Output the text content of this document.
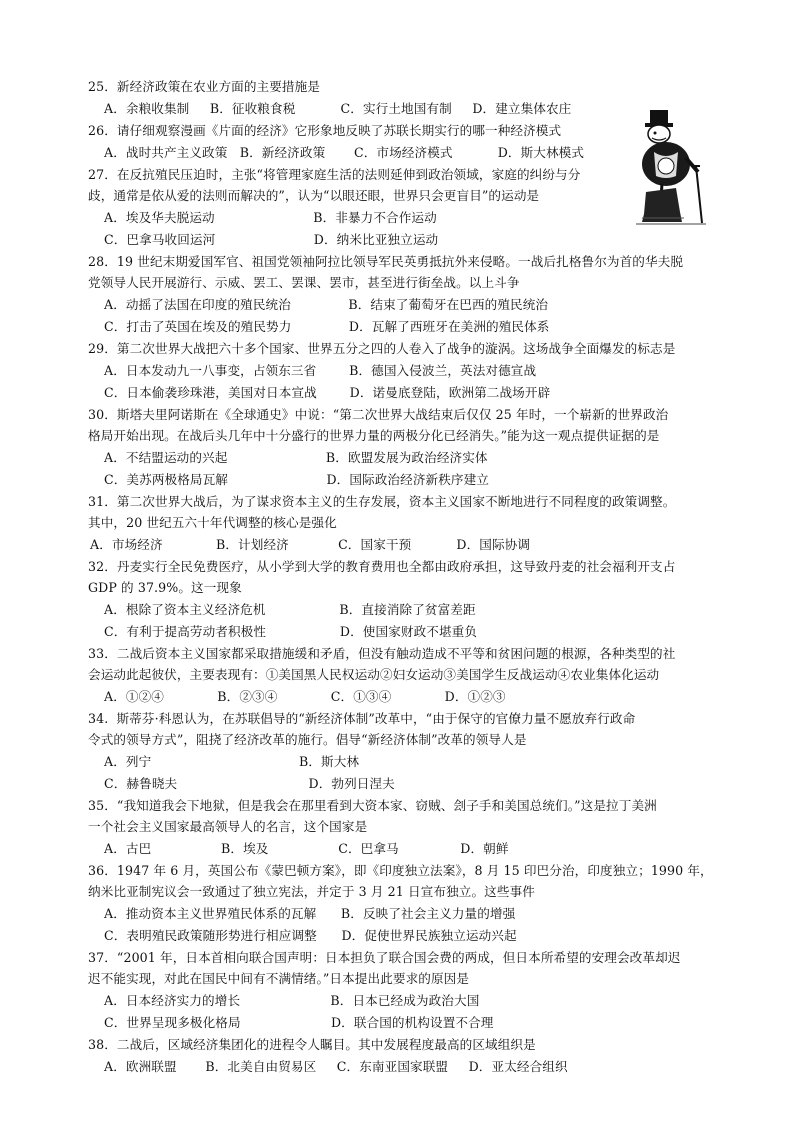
25．新经济政策在农业方面的主要措施是
A．余粮收集制     B．征收粮食税           C．实行土地国有制     D．建立集体农庄
26．请仔细观察漫画《片面的经济》它形象地反映了苏联长期实行的哪一种经济模式
A．战时共产主义政策   B．新经济政策       C．市场经济模式           D．斯大林模式
27．在反抗殖民压迫时，主张“将管理家庭生活的法则延伸到政治领域，家庭的纠纷与分
歧，通常是依从爱的法则而解决的”，认为“以眼还眼，世界只会更盲目”的运动是
A．埃及华夫脱运动                        B．非暴力不合作运动
C．巴拿马收回运河                        D．纳米比亚独立运动
28．19 世纪末期爱国军官、祖国党领袖阿拉比领导军民英勇抵抗外来侵略。一战后扎格鲁尔为首的华夫脱
党领导人民开展游行、示威、罢工、罢课、罢市，甚至进行街垒战。以上斗争
A．动摇了法国在印度的殖民统治              B．结束了葡萄牙在巴西的殖民统治
C．打击了英国在埃及的殖民势力              D．瓦解了西班牙在美洲的殖民体系
29．第二次世界大战把六十多个国家、世界五分之四的人卷入了战争的漩涡。这场战争全面爆发的标志是
A．日本发动九一八事变，占领东三省        B．德国入侵波兰，英法对德宣战
C．日本偷袭珍珠港，美国对日本宣战        D．诺曼底登陆，欧洲第二战场开辟
30．斯塔夫里阿诺斯在《全球通史》中说：“第二次世界大战结束后仅仅 25 年时，一个崭新的世界政治
格局开始出现。在战后头几年中十分盛行的世界力量的两极分化已经消失。”能为这一观点提供证据的是
A．不结盟运动的兴起                        B．欧盟发展为政治经济实体
C．美苏两极格局瓦解                        D．国际政治经济新秩序建立
31．第二次世界大战后，为了谋求资本主义的生存发展，资本主义国家不断地进行不同程度的政策调整。
其中，20 世纪五六十年代调整的核心是强化
A．市场经济             B．计划经济            C．国家干预           D．国际协调
32．丹麦实行全民免费医疗，从小学到大学的教育费用也全都由政府承担，这导致丹麦的社会福利开支占
GDP 的 37.9%。这一现象
A．根除了资本主义经济危机                  B．直接消除了贫富差距
C．有利于提高劳动者积极性                  D．使国家财政不堪重负
33．二战后资本主义国家都采取措施缓和矛盾，但没有触动造成不平等和贫困问题的根源，各种类型的社
会运动此起彼伏，主要表现有：①美国黑人民权运动②妇女运动③美国学生反战运动④农业集体化运动
A．①②④             B．②③④             C．①③④             D．①②③
34.  斯蒂芬·科恩认为，在苏联倡导的“新经济体制”改革中，“由于保守的官僚力量不愿放弃行政命
令式的领导方式”，阻挠了经济改革的施行。倡导“新经济体制”改革的领导人是
A．列宁                                    B．斯大林
C．赫鲁晓夫                                D．勃列日涅夫
35．“我知道我会下地狱，但是我会在那里看到大资本家、窃贼、刽子手和美国总统们。”这是拉丁美洲
一个社会主义国家最高领导人的名言，这个国家是
A．古巴                 B．埃及                 C．巴拿马               D．朝鲜
36．1947 年 6 月，英国公布《蒙巴顿方案》，即《印度独立法案》，8 月 15 印巴分治，印度独立；1990 年，
纳米比亚制宪议会一致通过了独立宪法，并定于 3 月 21 日宣布独立。这些事件
A．推动资本主义世界殖民体系的瓦解      B．反映了社会主义力量的增强
C．表明殖民政策随形势进行相应调整      D．促使世界民族独立运动兴起
37．“2001 年，日本首相向联合国声明：日本担负了联合国会费的两成，但日本所希望的安理会改革却迟
迟不能实现，对此在国民中间有不满情绪。”日本提出此要求的原因是
A．日本经济实力的增长                      B．日本已经成为政治大国
C．世界呈现多极化格局                      D．联合国的机构设置不合理
38．二战后，区域经济集团化的进程令人瞩目。其中发展程度最高的区域组织是
A．欧洲联盟       B．北美自由贸易区     C．东南亚国家联盟     D．亚太经合组织
